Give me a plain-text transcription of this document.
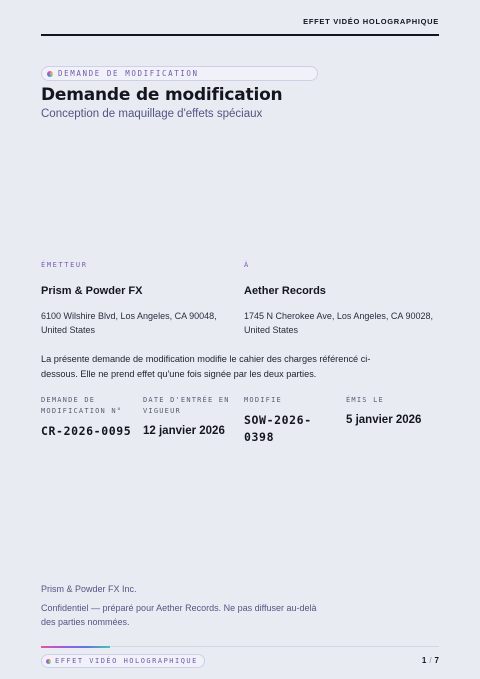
EFFET VIDÉO HOLOGRAPHIQUE
DEMANDE DE MODIFICATION
Demande de modification
Conception de maquillage d'effets spéciaux
ÉMETTEUR
Prism & Powder FX
6100 Wilshire Blvd, Los Angeles, CA 90048, United States
À
Aether Records
1745 N Cherokee Ave, Los Angeles, CA 90028, United States

La présente demande de modification modifie le cahier des charges référencé ci-dessous. Elle ne prend effet qu'une fois signée par les deux parties.

DEMANDE DE MODIFICATION N°
CR-2026-0095
DATE D'ENTRÉE EN VIGUEUR
12 janvier 2026
MODIFIE
SOW-2026-0398
ÉMIS LE
5 janvier 2026
Prism & Powder FX Inc.
Confidentiel — préparé pour Aether Records. Ne pas diffuser au-delà des parties nommées.
EFFET VIDÉO HOLOGRAPHIQUE	1 / 7
